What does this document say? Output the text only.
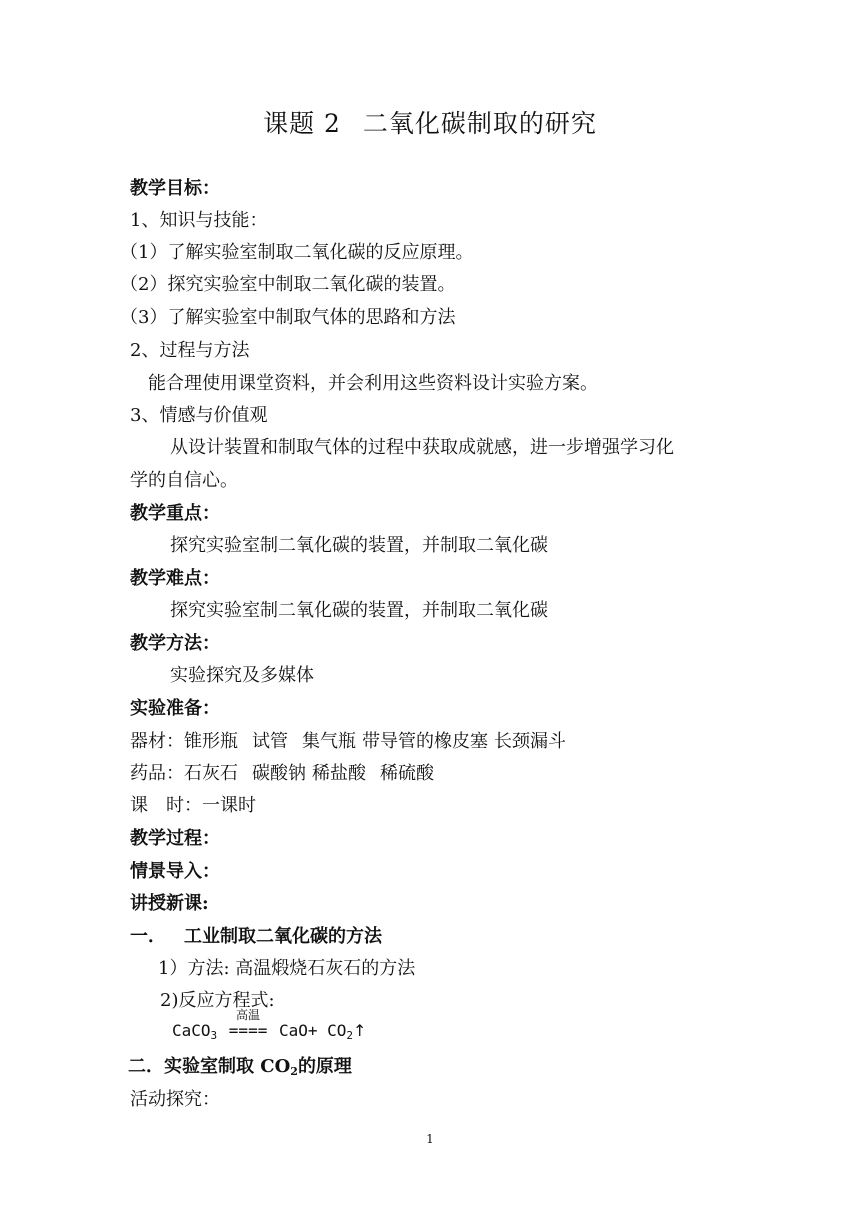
课题 2 二氧化碳制取的研究
教学目标：
1、知识与技能：
（1）了解实验室制取二氧化碳的反应原理。
（2）探究实验室中制取二氧化碳的装置。
（3）了解实验室中制取气体的思路和方法
2、过程与方法
能合理使用课堂资料，并会利用这些资料设计实验方案。
3、情感与价值观
从设计装置和制取气体的过程中获取成就感，进一步增强学习化
学的自信心。
教学重点：
探究实验室制二氧化碳的装置，并制取二氧化碳
教学难点：
探究实验室制二氧化碳的装置，并制取二氧化碳
教学方法：
实验探究及多媒体
实验准备：
器材：锥形瓶 试管 集气瓶 带导管的橡皮塞 长颈漏斗
药品：石灰石 碳酸钠 稀盐酸 稀硫酸
课　时：一课时
教学过程：
情景导入：
讲授新课:
一． 工业制取二氧化碳的方法
1）方法: 高温煅烧石灰石的方法
2)反应方程式:
CaCO$_3$
高温
==== $CaO+ CO_2↑$
二．实验室制取 CO2的原理
活动探究：
1
